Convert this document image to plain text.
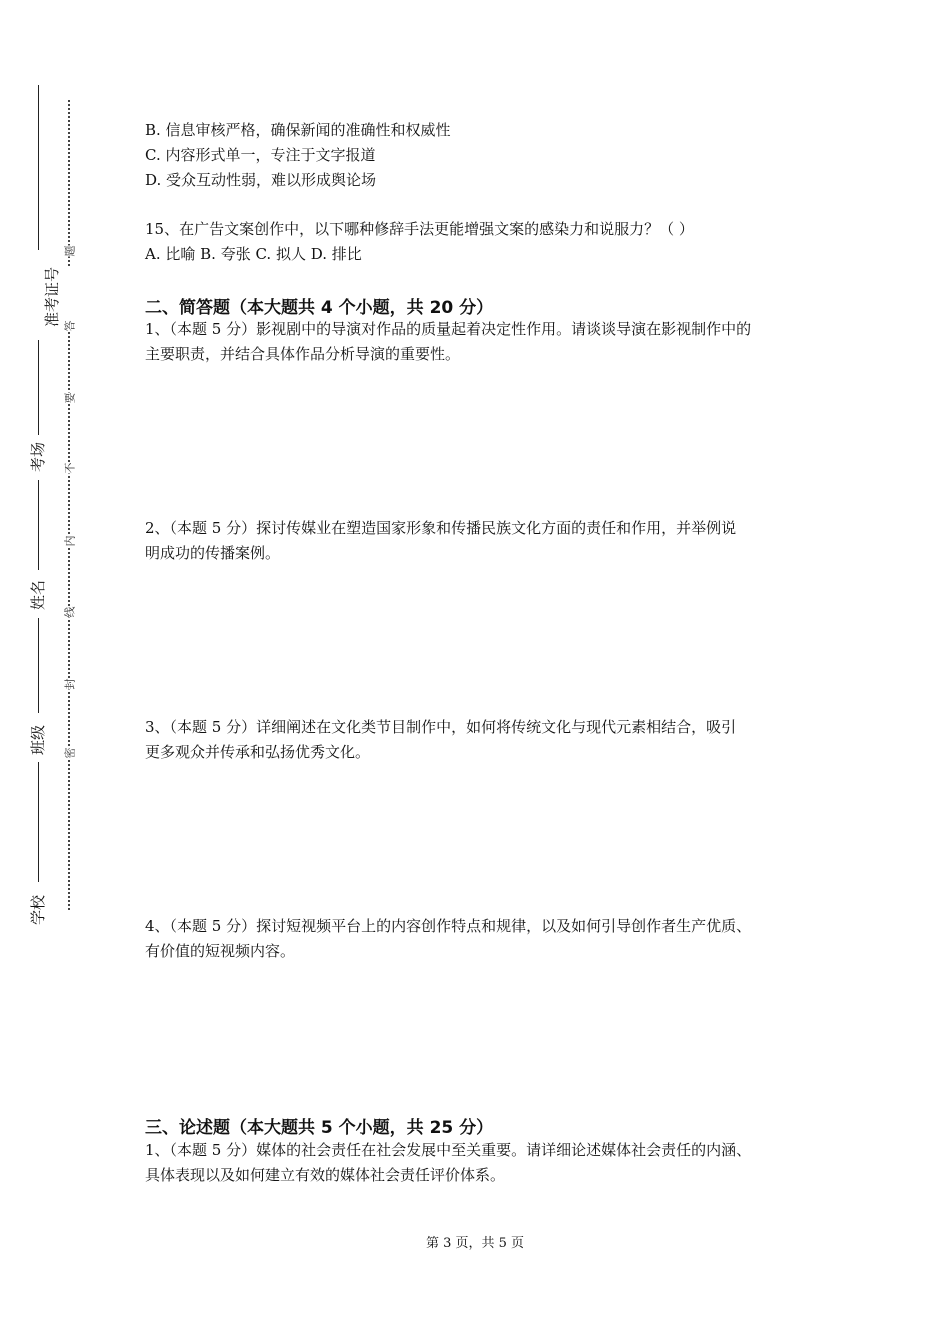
准考证号
考场
姓名
班级
学校
题
答
要
不
内
线
封
密
B. 信息审核严格，确保新闻的准确性和权威性
C. 内容形式单一，专注于文字报道
D. 受众互动性弱，难以形成舆论场
15、在广告文案创作中，以下哪种修辞手法更能增强文案的感染力和说服力？（ ）
A. 比喻 B. 夸张 C. 拟人 D. 排比
二、简答题（本大题共 4 个小题，共 20 分）
1、（本题 5 分）影视剧中的导演对作品的质量起着决定性作用。请谈谈导演在影视制作中的
主要职责，并结合具体作品分析导演的重要性。
2、（本题 5 分）探讨传媒业在塑造国家形象和传播民族文化方面的责任和作用，并举例说
明成功的传播案例。
3、（本题 5 分）详细阐述在文化类节目制作中，如何将传统文化与现代元素相结合，吸引
更多观众并传承和弘扬优秀文化。
4、（本题 5 分）探讨短视频平台上的内容创作特点和规律，以及如何引导创作者生产优质、
有价值的短视频内容。
三、论述题（本大题共 5 个小题，共 25 分）
1、（本题 5 分）媒体的社会责任在社会发展中至关重要。请详细论述媒体社会责任的内涵、
具体表现以及如何建立有效的媒体社会责任评价体系。
第 3 页，共 5 页
